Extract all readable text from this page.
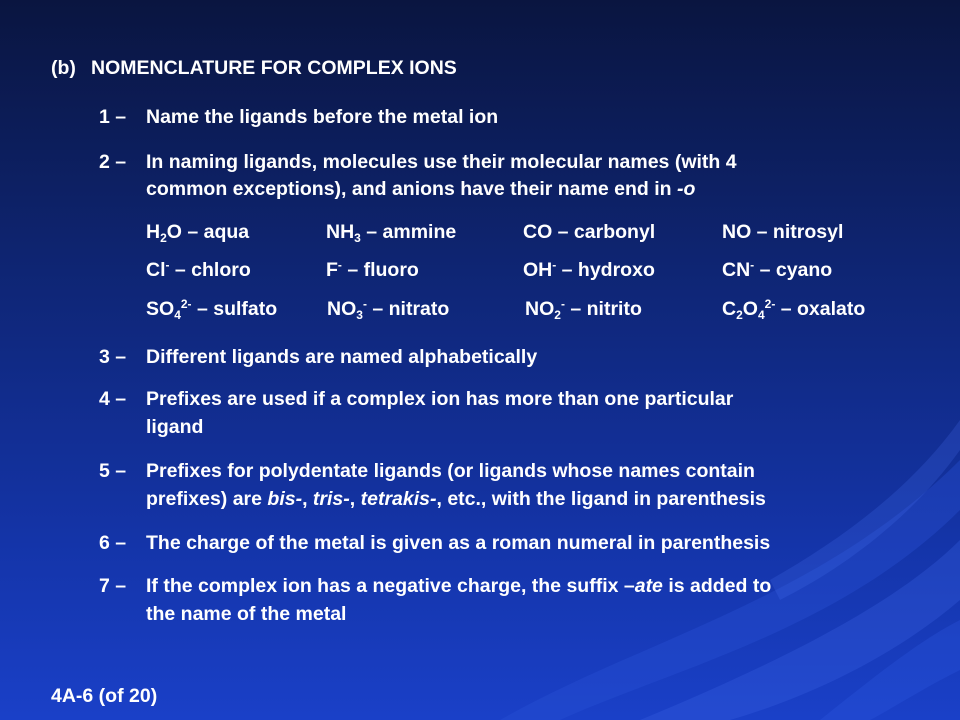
(b) NOMENCLATURE FOR COMPLEX IONS
1 – Name the ligands before the metal ion
2 – In naming ligands, molecules use their molecular names (with 4
common exceptions), and anions have their name end in -o
$H_2O$ – aqua	$NH_3$ – ammine	CO – carbonyl	NO – nitrosyl
Cl- – chloro	F- – fluoro	OH- – hydroxo	CN- – cyano
$SO_4^{2-}$ – sulfato	$NO_3^-$ – nitrato	$NO_2^-$ – nitrito	$C_2O_4^{2-}$ – oxalato
3 – Different ligands are named alphabetically
4 – Prefixes are used if a complex ion has more than one particular
ligand
5 – Prefixes for polydentate ligands (or ligands whose names contain
prefixes) are bis-, tris-, tetrakis-, etc., with the ligand in parenthesis
6 – The charge of the metal is given as a roman numeral in parenthesis
7 – If the complex ion has a negative charge, the suffix –ate is added to
the name of the metal
4A-6 (of 20)
